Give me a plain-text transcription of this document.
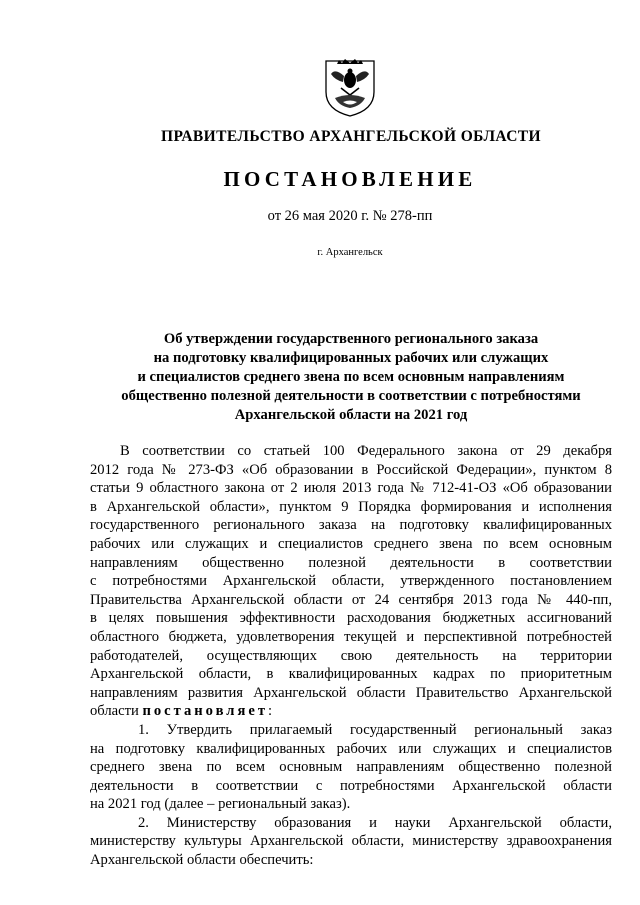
ПРАВИТЕЛЬСТВО АРХАНГЕЛЬСКОЙ ОБЛАСТИ
ПОСТАНОВЛЕНИЕ
от 26 мая 2020 г. № 278-пп
г. Архангельск
Об утверждении государственного регионального заказа
на подготовку квалифицированных рабочих или служащих
и специалистов среднего звена по всем основным направлениям
общественно полезной деятельности в соответствии с потребностями
Архангельской области на 2021 год
В соответствии со статьей 100 Федерального закона от 29 декабря
2012 года № 273-ФЗ «Об образовании в Российской Федерации», пунктом 8
статьи 9 областного закона от 2 июля 2013 года № 712-41-ОЗ «Об образовании
в Архангельской области», пунктом 9 Порядка формирования и исполнения
государственного регионального заказа на подготовку квалифицированных
рабочих или служащих и специалистов среднего звена по всем основным
направлениям общественно полезной деятельности в соответствии
с потребностями Архангельской области, утвержденного постановлением
Правительства Архангельской области от 24 сентября 2013 года № 440-пп,
в целях повышения эффективности расходования бюджетных ассигнований
областного бюджета, удовлетворения текущей и перспективной потребностей
работодателей, осуществляющих свою деятельность на территории
Архангельской области, в квалифицированных кадрах по приоритетным
направлениям развития Архангельской области Правительство Архангельской
области постановляет:
1. Утвердить прилагаемый государственный региональный заказ
на подготовку квалифицированных рабочих или служащих и специалистов
среднего звена по всем основным направлениям общественно полезной
деятельности в соответствии с потребностями Архангельской области
на 2021 год (далее – региональный заказ).
2. Министерству образования и науки Архангельской области,
министерству культуры Архангельской области, министерству здравоохранения
Архангельской области обеспечить:
